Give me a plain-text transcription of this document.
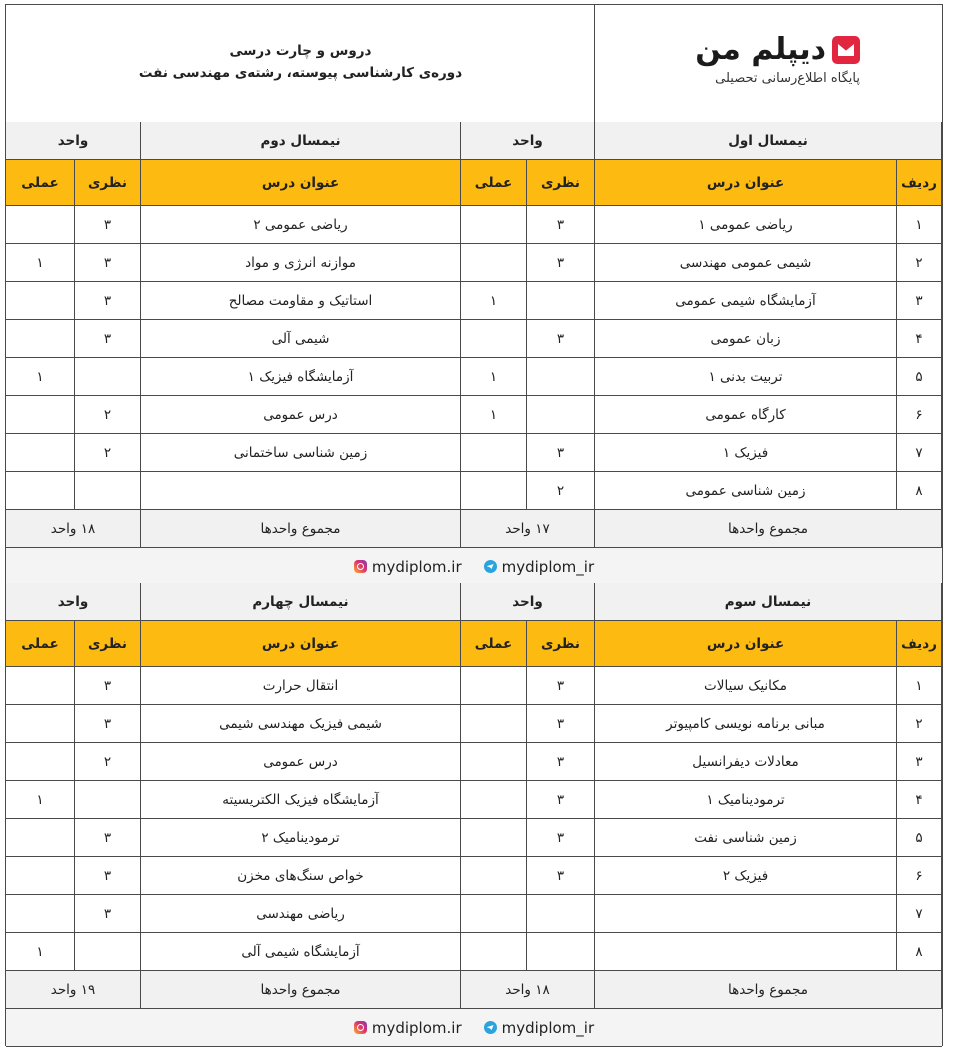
دروس و چارت درسی
دوره‌ی کارشناسی پیوسته، رشته‌ی مهندسی نفت
دیپلم من
پایگاه اطلاع‌رسانی تحصیلی
نیمسال اول
واحد
نیمسال دوم
واحد
ردیف
عنوان درس
نظری
عملی
عنوان درس
نظری
عملی
۱
ریاضی عمومی ۱
۳
ریاضی عمومی ۲
۳
۲
شیمی عمومی مهندسی
۳
موازنه انرژی و مواد
۳
۱
۳
آزمایشگاه شیمی عمومی
۱
استاتیک و مقاومت مصالح
۳
۴
زبان عمومی
۳
شیمی آلی
۳
۵
تربیت بدنی ۱
۱
آزمایشگاه فیزیک ۱
۱
۶
کارگاه عمومی
۱
درس عمومی
۲
۷
فیزیک ۱
۳
زمین شناسی ساختمانی
۲
۸
زمین شناسی عمومی
۲
مجموع واحدها
۱۷ واحد
مجموع واحدها
۱۸ واحد
mydiplom.ir	mydiplom_ir
نیمسال سوم
واحد
نیمسال چهارم
واحد
ردیف
عنوان درس
نظری
عملی
عنوان درس
نظری
عملی
۱
مکانیک سیالات
۳
انتقال حرارت
۳
۲
مبانی برنامه نویسی کامپیوتر
۳
شیمی فیزیک مهندسی شیمی
۳
۳
معادلات دیفرانسیل
۳
درس عمومی
۲
۴
ترمودینامیک ۱
۳
آزمایشگاه فیزیک الکتریسیته
۱
۵
زمین شناسی نفت
۳
ترمودینامیک ۲
۳
۶
فیزیک ۲
۳
خواص سنگ‌های مخزن
۳
۷
ریاضی مهندسی
۳
۸
آزمایشگاه شیمی آلی
۱
مجموع واحدها
۱۸ واحد
مجموع واحدها
۱۹ واحد
mydiplom.ir	mydiplom_ir
